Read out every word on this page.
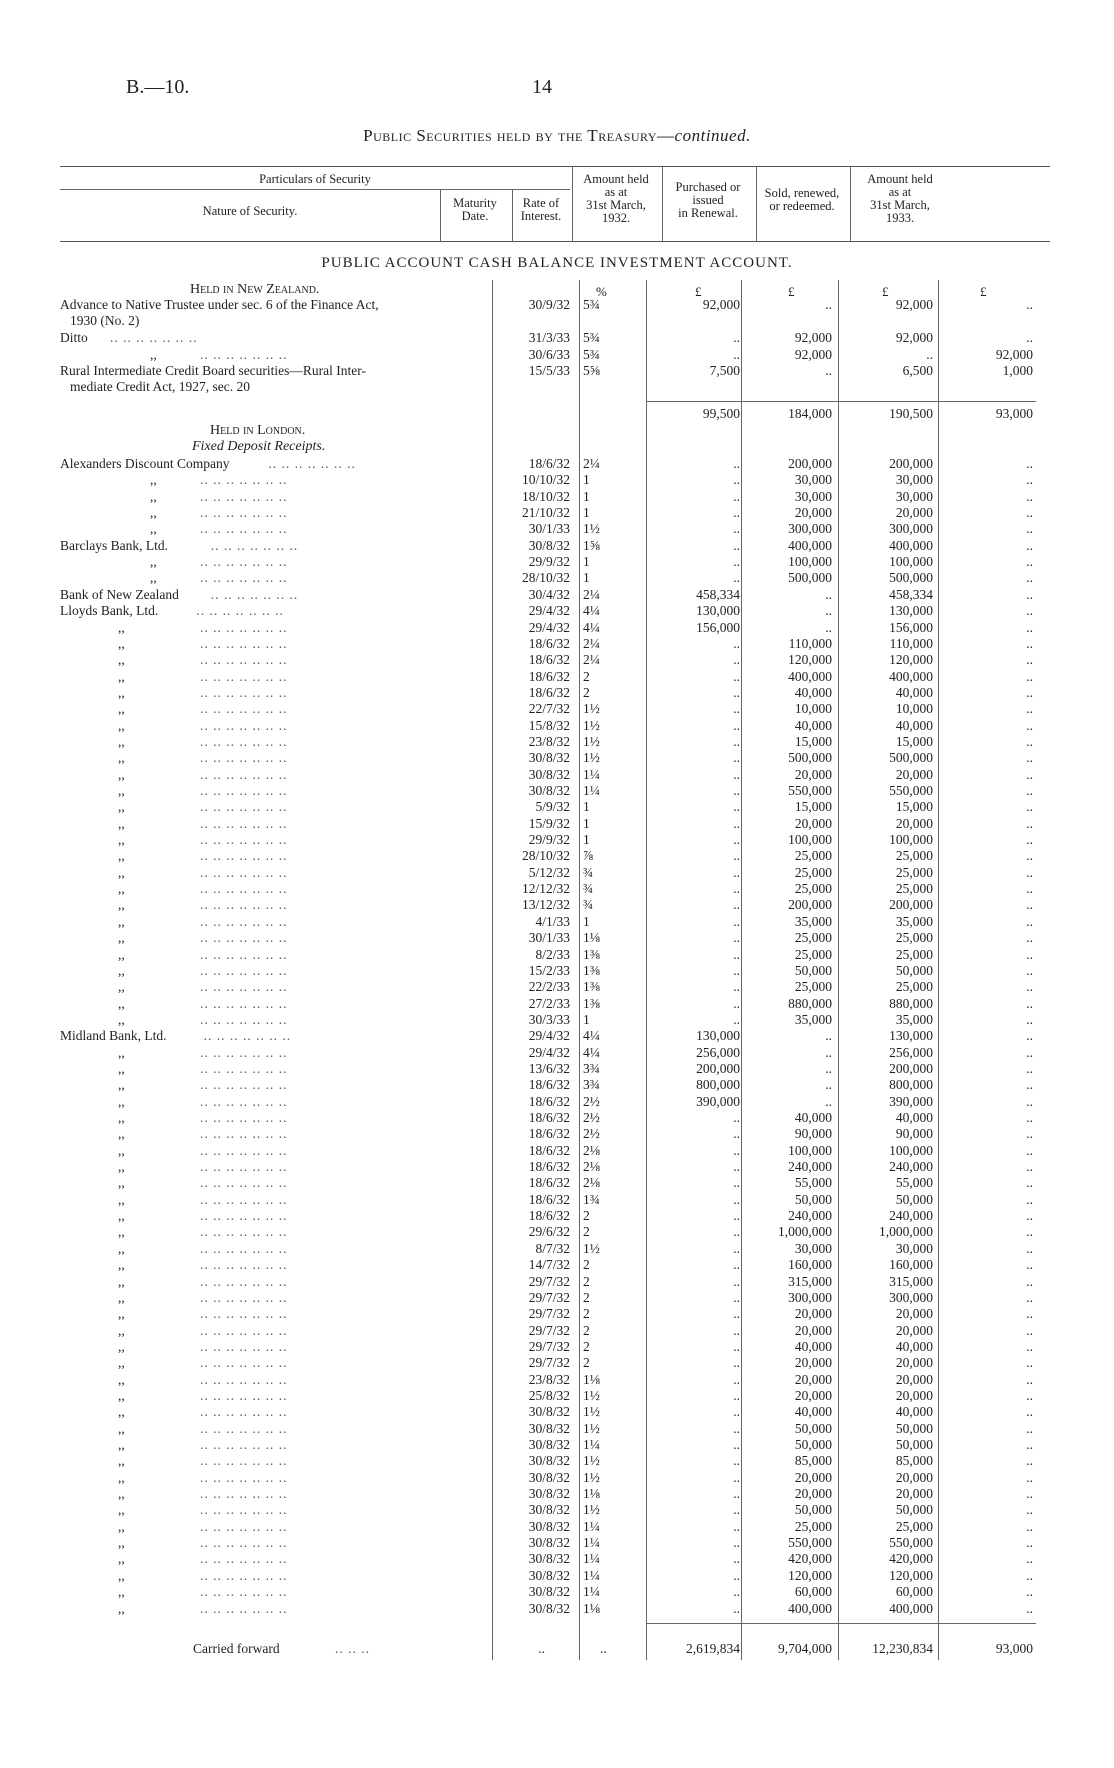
B.—10.	14
Public Securities held by the Treasury—continued.
Particulars of Security
Nature of Security.
Maturity
Date.
Rate of
Interest.
Amount held
as at
31st March,
1932.
Purchased or
issued
in Renewal.
Sold, renewed,
or redeemed.
Amount held
as at
31st March,
1933.
PUBLIC ACCOUNT CASH BALANCE INVESTMENT ACCOUNT.
%	£	£	£	£
Held in New Zealand.
Advance to Native Trustee under sec. 6 of the Finance Act,	30/9/32 5¾	92,000	..	92,000	..
1930 (No. 2)
Ditto .. .. .. .. .. .. ..	31/3/33 5¾	..	92,000	92,000	..
,,	.. .. .. .. .. .. ..	30/6/33 5¾	..	92,000	..	92,000
Rural Intermediate Credit Board securities—Rural Inter-	15/5/33 5⅝	7,500	..	6,500	1,000
mediate Credit Act, 1927, sec. 20
99,500	184,000	190,500	93,000
Held in London.
Fixed Deposit Receipts.
Alexanders Discount Company	.. .. .. .. .. .. ..	18/6/32 2¼	..	200,000	200,000	..
,,	.. .. .. .. .. .. ..	10/10/32 1	..	30,000	30,000	..
,,	.. .. .. .. .. .. ..	18/10/32 1	..	30,000	30,000	..
,,	.. .. .. .. .. .. ..	21/10/32 1	..	20,000	20,000	..
,,	.. .. .. .. .. .. ..	30/1/33 1½	..	300,000	300,000	..
Barclays Bank, Ltd.	.. .. .. .. .. .. ..	30/8/32 1⅝	..	400,000	400,000	..
,,	.. .. .. .. .. .. ..	29/9/32 1	..	100,000	100,000	..
,,	.. .. .. .. .. .. ..	28/10/32 1	..	500,000	500,000	..
Bank of New Zealand .. .. .. .. .. .. ..	30/4/32 2¼	458,334	..	458,334	..
Lloyds Bank, Ltd.	.. .. .. .. .. .. ..	29/4/32 4¼	130,000	..	130,000	..
,,	.. .. .. .. .. .. ..	29/4/32 4¼	156,000	..	156,000	..
,,	.. .. .. .. .. .. ..	18/6/32 2¼	..	110,000	110,000	..
,,	.. .. .. .. .. .. ..	18/6/32 2¼	..	120,000	120,000	..
,,	.. .. .. .. .. .. ..	18/6/32 2	..	400,000	400,000	..
,,	.. .. .. .. .. .. ..	18/6/32 2	..	40,000	40,000	..
,,	.. .. .. .. .. .. ..	22/7/32 1½	..	10,000	10,000	..
,,	.. .. .. .. .. .. ..	15/8/32 1½	..	40,000	40,000	..
,,	.. .. .. .. .. .. ..	23/8/32 1½	..	15,000	15,000	..
,,	.. .. .. .. .. .. ..	30/8/32 1½	..	500,000	500,000	..
,,	.. .. .. .. .. .. ..	30/8/32 1¼	..	20,000	20,000	..
,,	.. .. .. .. .. .. ..	30/8/32 1¼	..	550,000	550,000	..
,,	.. .. .. .. .. .. ..	5/9/32 1	..	15,000	15,000	..
,,	.. .. .. .. .. .. ..	15/9/32 1	..	20,000	20,000	..
,,	.. .. .. .. .. .. ..	29/9/32 1	..	100,000	100,000	..
,,	.. .. .. .. .. .. ..	28/10/32 ⅞	..	25,000	25,000	..
,,	.. .. .. .. .. .. ..	5/12/32 ¾	..	25,000	25,000	..
,,	.. .. .. .. .. .. ..	12/12/32 ¾	..	25,000	25,000	..
,,	.. .. .. .. .. .. ..	13/12/32 ¾	..	200,000	200,000	..
,,	.. .. .. .. .. .. ..	4/1/33 1	..	35,000	35,000	..
,,	.. .. .. .. .. .. ..	30/1/33 1⅛	..	25,000	25,000	..
,,	.. .. .. .. .. .. ..	8/2/33 1⅜	..	25,000	25,000	..
,,	.. .. .. .. .. .. ..	15/2/33 1⅜	..	50,000	50,000	..
,,	.. .. .. .. .. .. ..	22/2/33 1⅜	..	25,000	25,000	..
,,	.. .. .. .. .. .. ..	27/2/33 1⅜	..	880,000	880,000	..
,,	.. .. .. .. .. .. ..	30/3/33 1	..	35,000	35,000	..
Midland Bank, Ltd.	.. .. .. .. .. .. ..	29/4/32 4¼	130,000	..	130,000	..
,,	.. .. .. .. .. .. ..	29/4/32 4¼	256,000	..	256,000	..
,,	.. .. .. .. .. .. ..	13/6/32 3¾	200,000	..	200,000	..
,,	.. .. .. .. .. .. ..	18/6/32 3¾	800,000	..	800,000	..
,,	.. .. .. .. .. .. ..	18/6/32 2½	390,000	..	390,000	..
,,	.. .. .. .. .. .. ..	18/6/32 2½	..	40,000	40,000	..
,,	.. .. .. .. .. .. ..	18/6/32 2½	..	90,000	90,000	..
,,	.. .. .. .. .. .. ..	18/6/32 2⅛	..	100,000	100,000	..
,,	.. .. .. .. .. .. ..	18/6/32 2⅛	..	240,000	240,000	..
,,	.. .. .. .. .. .. ..	18/6/32 2⅛	..	55,000	55,000	..
,,	.. .. .. .. .. .. ..	18/6/32 1¾	..	50,000	50,000	..
,,	.. .. .. .. .. .. ..	18/6/32 2	..	240,000	240,000	..
,,	.. .. .. .. .. .. ..	29/6/32 2	..	1,000,000	1,000,000	..
,,	.. .. .. .. .. .. ..	8/7/32 1½	..	30,000	30,000	..
,,	.. .. .. .. .. .. ..	14/7/32 2	..	160,000	160,000	..
,,	.. .. .. .. .. .. ..	29/7/32 2	..	315,000	315,000	..
,,	.. .. .. .. .. .. ..	29/7/32 2	..	300,000	300,000	..
,,	.. .. .. .. .. .. ..	29/7/32 2	..	20,000	20,000	..
,,	.. .. .. .. .. .. ..	29/7/32 2	..	20,000	20,000	..
,,	.. .. .. .. .. .. ..	29/7/32 2	..	40,000	40,000	..
,,	.. .. .. .. .. .. ..	29/7/32 2	..	20,000	20,000	..
,,	.. .. .. .. .. .. ..	23/8/32 1⅛	..	20,000	20,000	..
,,	.. .. .. .. .. .. ..	25/8/32 1½	..	20,000	20,000	..
,,	.. .. .. .. .. .. ..	30/8/32 1½	..	40,000	40,000	..
,,	.. .. .. .. .. .. ..	30/8/32 1½	..	50,000	50,000	..
,,	.. .. .. .. .. .. ..	30/8/32 1¼	..	50,000	50,000	..
,,	.. .. .. .. .. .. ..	30/8/32 1½	..	85,000	85,000	..
,,	.. .. .. .. .. .. ..	30/8/32 1½	..	20,000	20,000	..
,,	.. .. .. .. .. .. ..	30/8/32 1⅛	..	20,000	20,000	..
,,	.. .. .. .. .. .. ..	30/8/32 1½	..	50,000	50,000	..
,,	.. .. .. .. .. .. ..	30/8/32 1¼	..	25,000	25,000	..
,,	.. .. .. .. .. .. ..	30/8/32 1¼	..	550,000	550,000	..
,,	.. .. .. .. .. .. ..	30/8/32 1¼	..	420,000	420,000	..
,,	.. .. .. .. .. .. ..	30/8/32 1¼	..	120,000	120,000	..
,,	.. .. .. .. .. .. ..	30/8/32 1¼	..	60,000	60,000	..
,,	.. .. .. .. .. .. ..	30/8/32 1⅛	..	400,000	400,000	..
Carried forward	.. .. ..	..	..	2,619,834	9,704,000	12,230,834	93,000
